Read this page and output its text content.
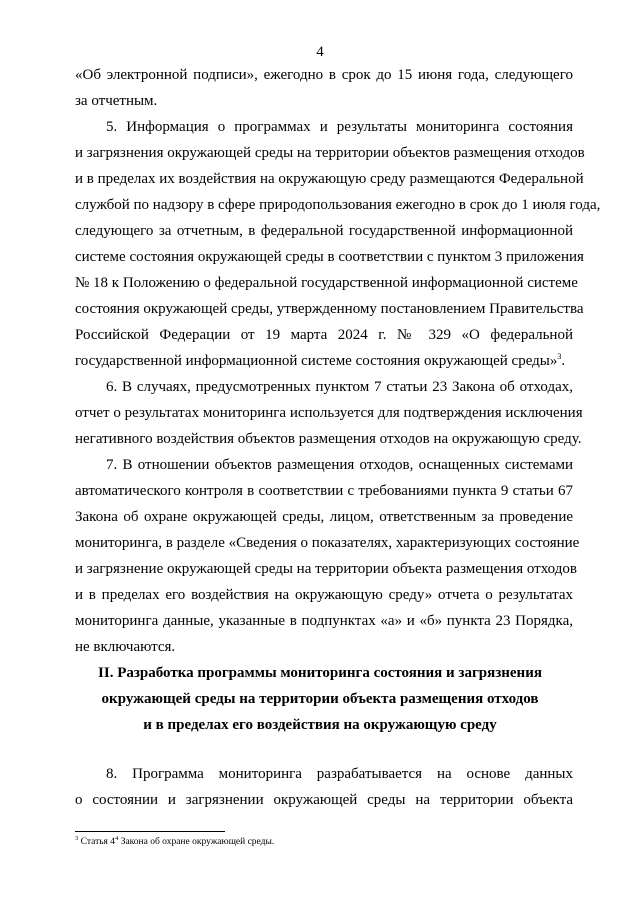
4
«Об электронной подписи», ежегодно в срок до 15 июня года, следующего
за отчетным.
5. Информация о программах и результаты мониторинга состояния
и загрязнения окружающей среды на территории объектов размещения отходов
и в пределах их воздействия на окружающую среду размещаются Федеральной
службой по надзору в сфере природопользования ежегодно в срок до 1 июля года,
следующего за отчетным, в федеральной государственной информационной
системе состояния окружающей среды в соответствии с пунктом 3 приложения
№ 18 к Положению о федеральной государственной информационной системе
состояния окружающей среды, утвержденному постановлением Правительства
Российской Федерации от 19 марта 2024 г. № 329 «О федеральной
государственной информационной системе состояния окружающей среды»$^3$.
6. В случаях, предусмотренных пунктом 7 статьи 23 Закона об отходах,
отчет о результатах мониторинга используется для подтверждения исключения
негативного воздействия объектов размещения отходов на окружающую среду.
7. В отношении объектов размещения отходов, оснащенных системами
автоматического контроля в соответствии с требованиями пункта 9 статьи 67
Закона об охране окружающей среды, лицом, ответственным за проведение
мониторинга, в разделе «Сведения о показателях, характеризующих состояние
и загрязнение окружающей среды на территории объекта размещения отходов
и в пределах его воздействия на окружающую среду» отчета о результатах
мониторинга данные, указанные в подпунктах «а» и «б» пункта 23 Порядка,
не включаются.
II. Разработка программы мониторинга состояния и загрязнения
окружающей среды на территории объекта размещения отходов
и в пределах его воздействия на окружающую среду
8. Программа мониторинга разрабатывается на основе данных
о состоянии и загрязнении окружающей среды на территории объекта
$^3$ Статья $4^4$ Закона об охране окружающей среды.
